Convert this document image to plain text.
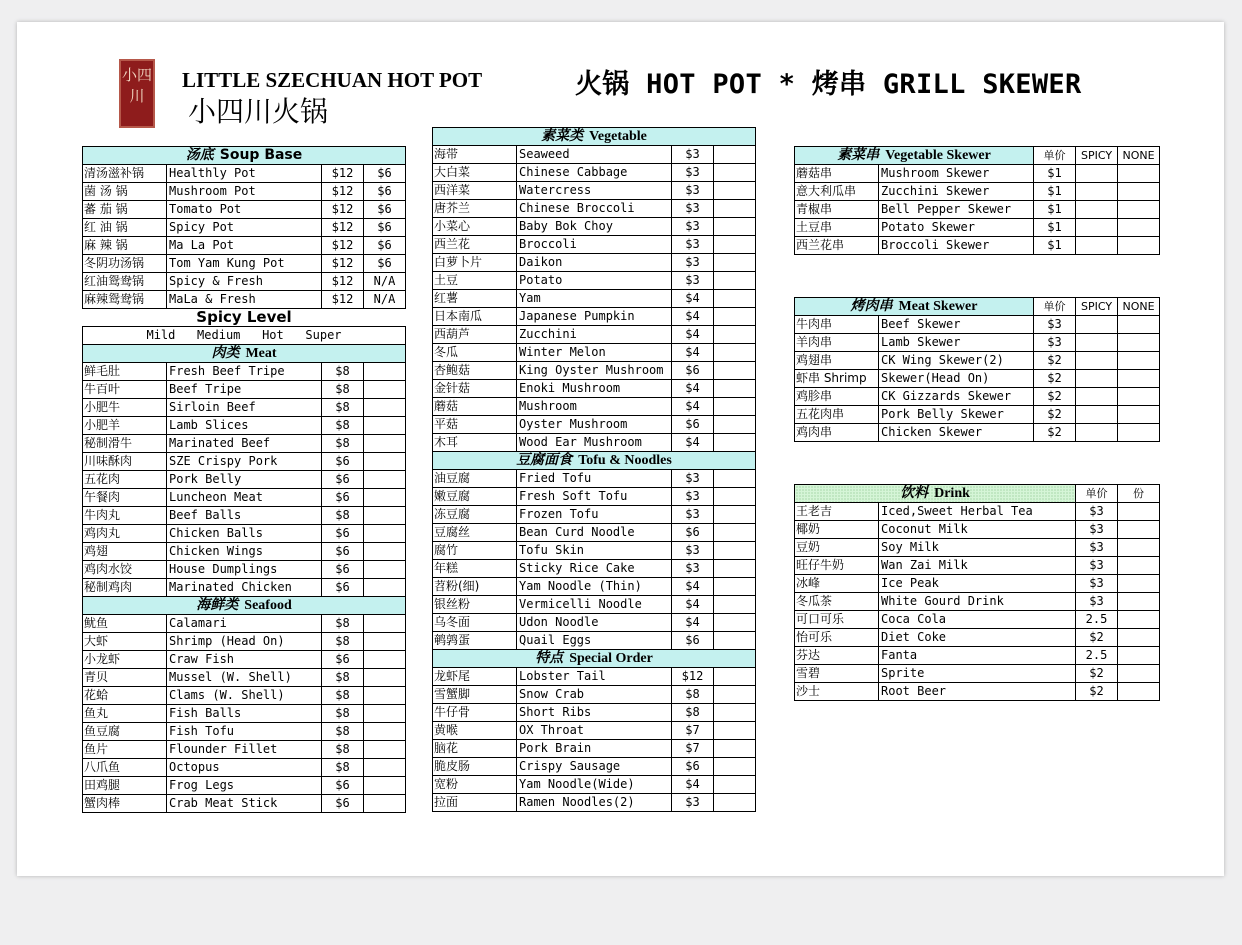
小四川
LITTLE SZECHUAN HOT POT
小四川火锅
火锅 HOT POT * 烤串 GRILL SKEWER
汤底 Soup Base			
清汤滋补锅	Healthly Pot	$12	$6
菌 汤 锅	Mushroom Pot	$12	$6
蕃 茄 锅	Tomato Pot	$12	$6
红 油 锅	Spicy Pot	$12	$6
麻 辣 锅	Ma La Pot	$12	$6
冬阴功汤锅	Tom Yam Kung Pot	$12	$6
红油鸳鸯锅	Spicy & Fresh	$12	N/A
麻辣鸳鸯锅	MaLa & Fresh	$12	N/A
Spicy Level			
Mild   Medium   Hot   Super			
肉类 Meat			
鲜毛肚	Fresh Beef Tripe	$8	
牛百叶	Beef Tripe	$8	
小肥牛	Sirloin Beef	$8	
小肥羊	Lamb Slices	$8	
秘制滑牛	Marinated Beef	$8	
川味酥肉	SZE Crispy Pork	$6	
五花肉	Pork Belly	$6	
午餐肉	Luncheon Meat	$6	
牛肉丸	Beef Balls	$8	
鸡肉丸	Chicken Balls	$6	
鸡翅	Chicken Wings	$6	
鸡肉水饺	House Dumplings	$6	
秘制鸡肉	Marinated Chicken	$6	
海鲜类 Seafood			
鱿鱼	Calamari	$8	
大虾	Shrimp (Head On)	$8	
小龙虾	Craw Fish	$6	
青贝	Mussel (W. Shell)	$8	
花蛤	Clams (W. Shell)	$8	
鱼丸	Fish Balls	$8	
鱼豆腐	Fish Tofu	$8	
鱼片	Flounder Fillet	$8	
八爪鱼	Octopus	$8	
田鸡腿	Frog Legs	$6	
蟹肉棒	Crab Meat Stick	$6	
素菜类 Vegetable			
海带	Seaweed	$3	
大白菜	Chinese Cabbage	$3	
西洋菜	Watercress	$3	
唐芥兰	Chinese Broccoli	$3	
小菜心	Baby Bok Choy	$3	
西兰花	Broccoli	$3	
白萝卜片	Daikon	$3	
土豆	Potato	$3	
红薯	Yam	$4	
日本南瓜	Japanese Pumpkin	$4	
西葫芦	Zucchini	$4	
冬瓜	Winter Melon	$4	
杏鲍菇	King Oyster Mushroom	$6	
金针菇	Enoki Mushroom	$4	
蘑菇	Mushroom	$4	
平菇	Oyster Mushroom	$6	
木耳	Wood Ear Mushroom	$4	
豆腐面食 Tofu & Noodles			
油豆腐	Fried Tofu	$3	
嫩豆腐	Fresh Soft Tofu	$3	
冻豆腐	Frozen Tofu	$3	
豆腐丝	Bean Curd Noodle	$6	
腐竹	Tofu Skin	$3	
年糕	Sticky Rice Cake	$3	
苕粉(细)	Yam Noodle (Thin)	$4	
银丝粉	Vermicelli Noodle	$4	
乌冬面	Udon Noodle	$4	
鹌鹑蛋	Quail Eggs	$6	
特点 Special Order			
龙虾尾	Lobster Tail	$12	
雪蟹脚	Snow Crab	$8	
牛仔骨	Short Ribs	$8	
黄喉	OX Throat	$7	
脑花	Pork Brain	$7	
脆皮肠	Crispy Sausage	$6	
宽粉	Yam Noodle(Wide)	$4	
拉面	Ramen Noodles(2)	$3	
素菜串 Vegetable Skewer		单价	SPICY	NONE
蘑菇串	Mushroom Skewer	$1		
意大利瓜串	Zucchini Skewer	$1		
青椒串	Bell Pepper Skewer	$1		
土豆串	Potato Skewer	$1		
西兰花串	Broccoli Skewer	$1		
烤肉串 Meat Skewer		单价	SPICY	NONE
牛肉串	Beef Skewer	$3		
羊肉串	Lamb Skewer	$3		
鸡翅串	CK Wing Skewer(2)	$2		
虾串 Shrimp	Skewer(Head On)	$2		
鸡胗串	CK Gizzards Skewer	$2		
五花肉串	Pork Belly Skewer	$2		
鸡肉串	Chicken Skewer	$2		
饮料 Drink		单价	份
王老吉	Iced,Sweet Herbal Tea	$3	
椰奶	Coconut Milk	$3	
豆奶	Soy Milk	$3	
旺仔牛奶	Wan Zai Milk	$3	
冰峰	Ice Peak	$3	
冬瓜茶	White Gourd Drink	$3	
可口可乐	Coca Cola	2.5	
怡可乐	Diet Coke	$2	
芬达	Fanta	2.5	
雪碧	Sprite	$2	
沙士	Root Beer	$2	
